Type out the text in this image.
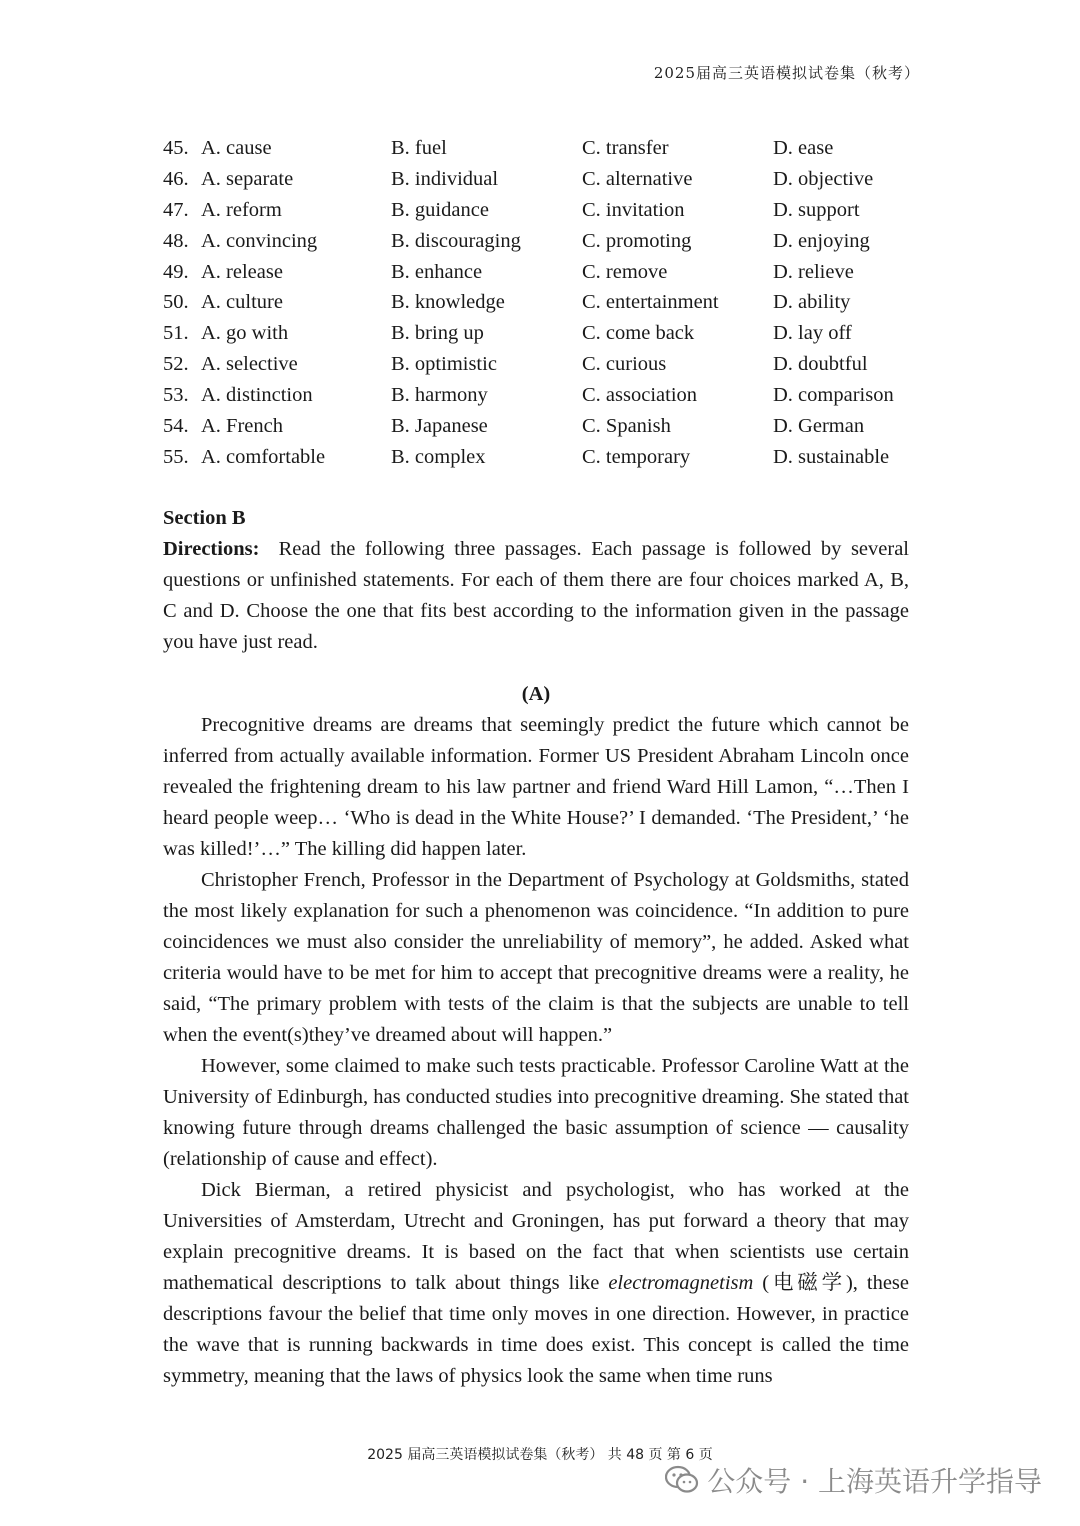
2025届高三英语模拟试卷集（秋考）
45. A. cause	B. fuel	C. transfer	D. ease
46. A. separate	B. individual	C. alternative	D. objective
47. A. reform	B. guidance	C. invitation	D. support
48. A. convincing	B. discouraging	C. promoting	D. enjoying
49. A. release	B. enhance	C. remove	D. relieve
50. A. culture	B. knowledge	C. entertainment	D. ability
51. A. go with	B. bring up	C. come back	D. lay off
52. A. selective	B. optimistic	C. curious	D. doubtful
53. A. distinction	B. harmony	C. association	D. comparison
54. A. French	B. Japanese	C. Spanish	D. German
55. A. comfortable	B. complex	C. temporary	D. sustainable
Section B
Directions: Read the following three passages. Each passage is followed by several questions or unfinished statements. For each of them there are four choices marked A, B, C and D. Choose the one that fits best according to the information given in the passage you have just read.
(A)

Precognitive dreams are dreams that seemingly predict the future which cannot be inferred from actually available information. Former US President Abraham Lincoln once revealed the frightening dream to his law partner and friend Ward Hill Lamon, “…Then I heard people weep… ‘Who is dead in the White House?’ I demanded. ‘The President,’ ‘he was killed!’…” The killing did happen later.

Christopher French, Professor in the Department of Psychology at Goldsmiths, stated the most likely explanation for such a phenomenon was coincidence. “In addition to pure coincidences we must also consider the unreliability of memory”, he added. Asked what criteria would have to be met for him to accept that precognitive dreams were a reality, he said, “The primary problem with tests of the claim is that the subjects are unable to tell when the event(s)they’ve dreamed about will happen.”

However, some claimed to make such tests practicable. Professor Caroline Watt at the University of Edinburgh, has conducted studies into precognitive dreaming. She stated that knowing future through dreams challenged the basic assumption of science — causality (relationship of cause and effect).

Dick Bierman, a retired physicist and psychologist, who has worked at the Universities of Amsterdam, Utrecht and Groningen, has put forward a theory that may explain precognitive dreams. It is based on the fact that when scientists use certain mathematical descriptions to talk about things like electromagnetism (电磁学), these descriptions favour the belief that time only moves in one direction. However, in practice the wave that is running backwards in time does exist. This concept is called the time symmetry, meaning that the laws of physics look the same when time runs

2025 届高三英语模拟试卷集（秋考） 共 48 页 第 6 页
公众号 · 上海英语升学指导
